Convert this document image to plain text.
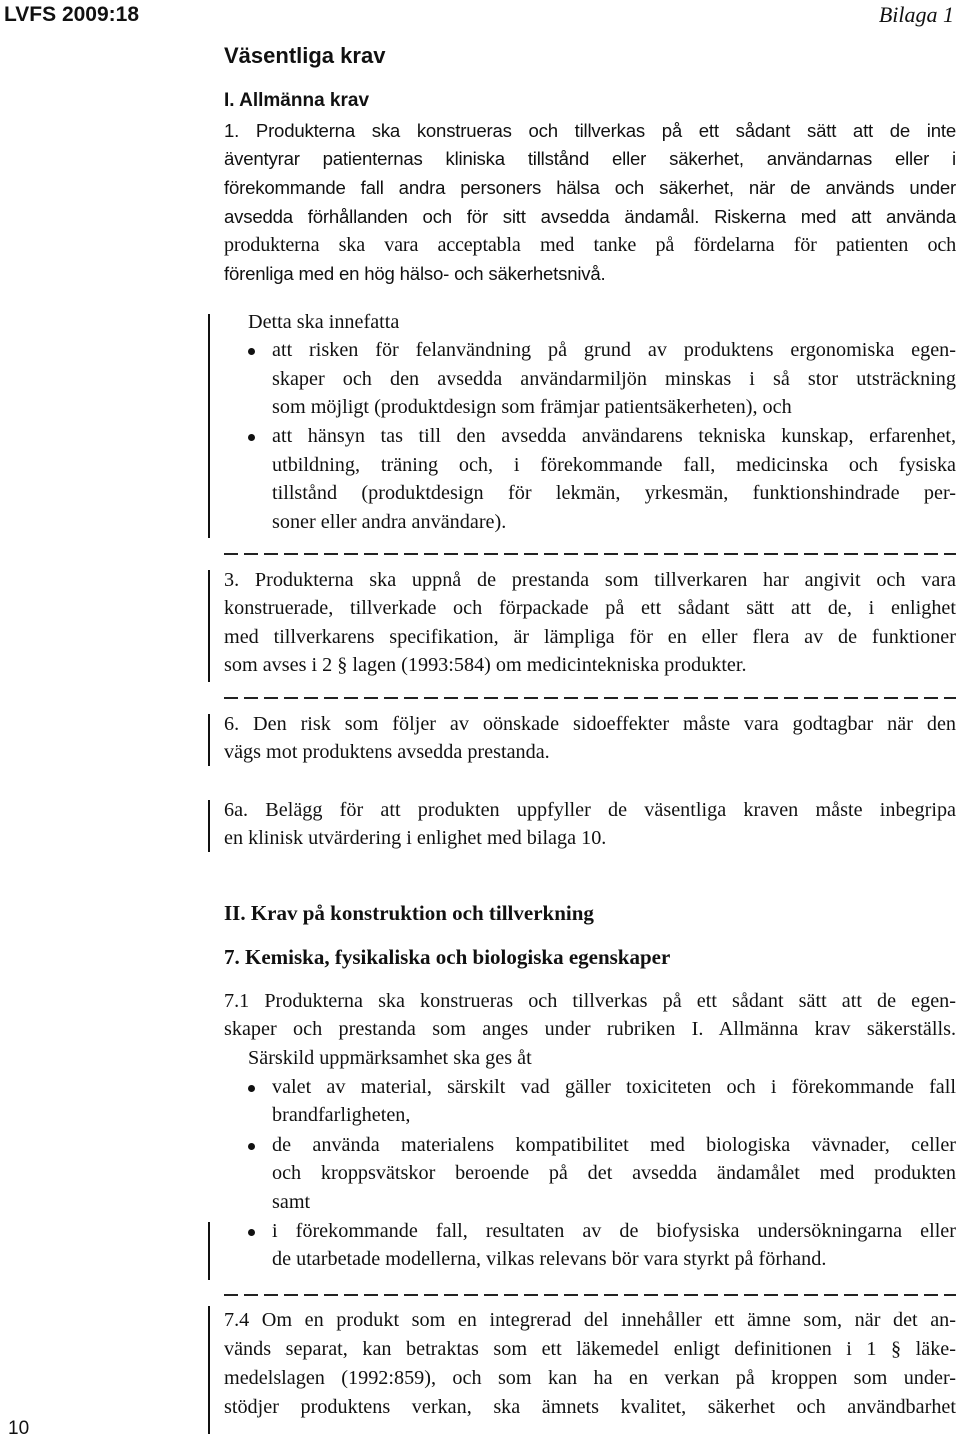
LVFS 2009:18	Bilaga 1
Väsentliga krav
I. Allmänna krav
1. Produkterna ska konstrueras och tillverkas på ett sådant sätt att de inte
äventyrar patienternas kliniska tillstånd eller säkerhet, användarnas eller i
förekommande fall andra personers hälsa och säkerhet, när de används under
avsedda förhållanden och för sitt avsedda ändamål. Riskerna med att använda
produkterna ska vara acceptabla med tanke på fördelarna för patienten och
förenliga med en hög hälso- och säkerhetsnivå.
Detta ska innefatta
att risken för felanvändning på grund av produktens ergonomiska egen-
skaper och den avsedda användarmiljön minskas i så stor utsträckning
som möjligt (produktdesign som främjar patientsäkerheten), och
att hänsyn tas till den avsedda användarens tekniska kunskap, erfarenhet,
utbildning, träning och, i förekommande fall, medicinska och fysiska
tillstånd (produktdesign för lekmän, yrkesmän, funktionshindrade per-
soner eller andra användare).
3. Produkterna ska uppnå de prestanda som tillverkaren har angivit och vara
konstruerade, tillverkade och förpackade på ett sådant sätt att de, i enlighet
med tillverkarens specifikation, är lämpliga för en eller flera av de funktioner
som avses i 2 § lagen (1993:584) om medicintekniska produkter.
6. Den risk som följer av oönskade sidoeffekter måste vara godtagbar när den
vägs mot produktens avsedda prestanda.
6a. Belägg för att produkten uppfyller de väsentliga kraven måste inbegripa
en klinisk utvärdering i enlighet med bilaga 10.
II. Krav på konstruktion och tillverkning
7. Kemiska, fysikaliska och biologiska egenskaper
7.1 Produkterna ska konstrueras och tillverkas på ett sådant sätt att de egen-
skaper och prestanda som anges under rubriken I. Allmänna krav säkerställs.
Särskild uppmärksamhet ska ges åt
valet av material, särskilt vad gäller toxiciteten och i förekommande fall
brandfarligheten,
de använda materialens kompatibilitet med biologiska vävnader, celler
och kroppsvätskor beroende på det avsedda ändamålet med produkten
samt
i förekommande fall, resultaten av de biofysiska undersökningarna eller
de utarbetade modellerna, vilkas relevans bör vara styrkt på förhand.
7.4 Om en produkt som en integrerad del innehåller ett ämne som, när det an-
vänds separat, kan betraktas som ett läkemedel enligt definitionen i 1 § läke-
medelslagen (1992:859), och som kan ha en verkan på kroppen som under-
stödjer produktens verkan, ska ämnets kvalitet, säkerhet och användbarhet
10
